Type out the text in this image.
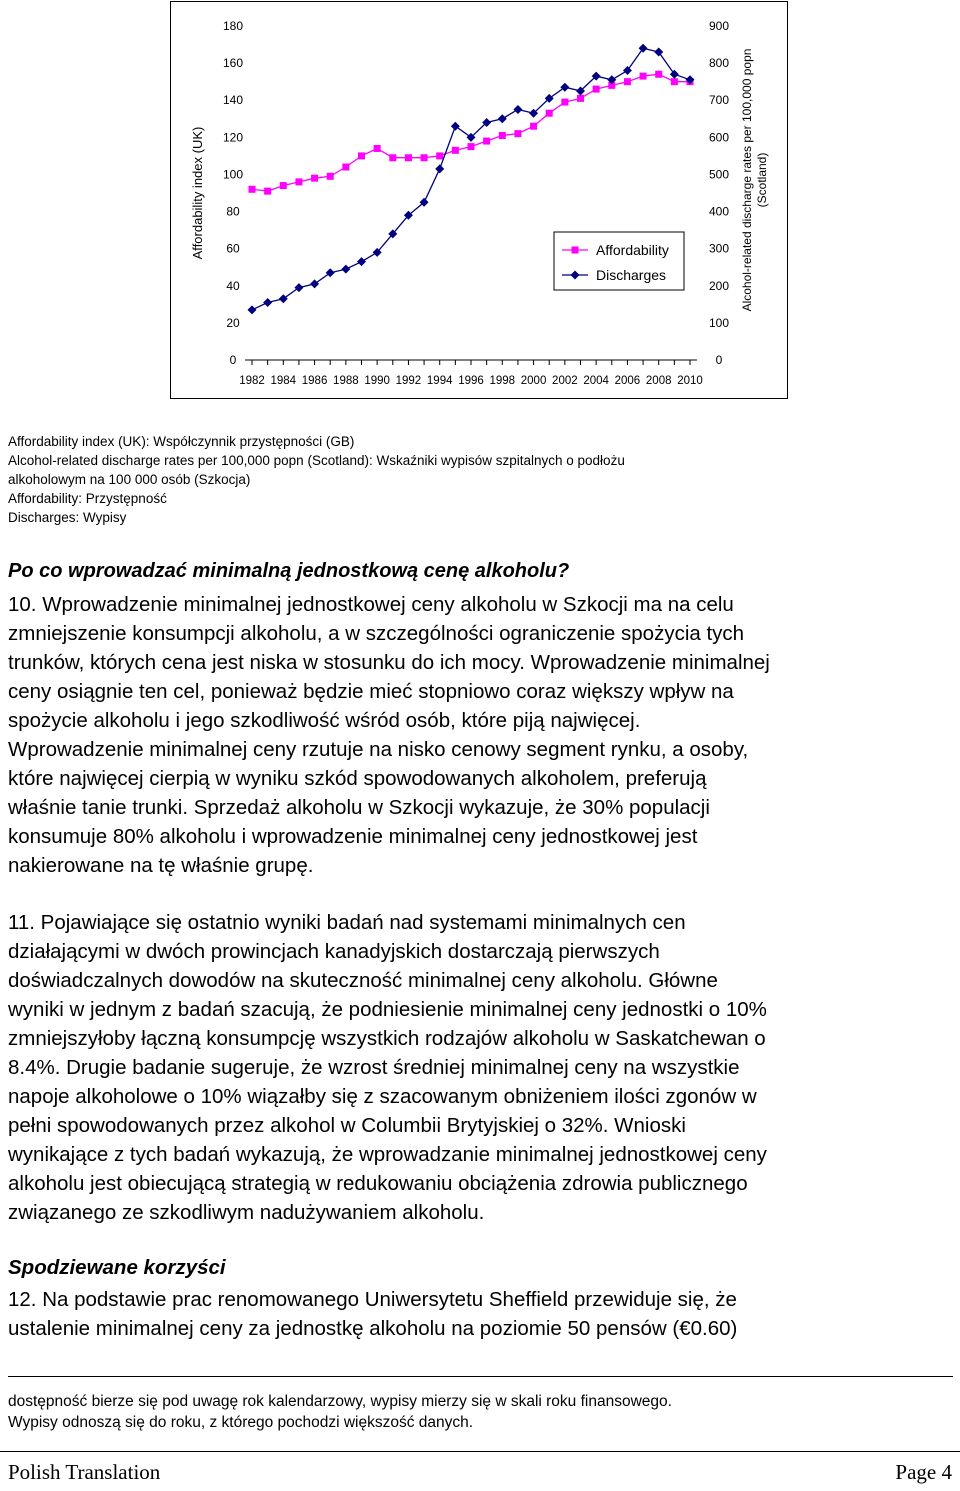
1982 1984 1986 1988 1990 1992 1994 1996 1998 2000 2002 2004 2006 2008 2010
0
20
40
60
80
100
120
140
160
180
0
100
200
300
400
500
600
700
800
900
Affordability index (UK)	Alcohol-related discharge rates per 100,000 popn (Scotland)
Affordability
Discharges
Affordability index (UK): Współczynnik przystępności (GB)
Alcohol-related discharge rates per 100,000 popn (Scotland): Wskaźniki wypisów szpitalnych o podłożu
alkoholowym na 100 000 osób (Szkocja)
Affordability: Przystępność
Discharges: Wypisy
Po co wprowadzać minimalną jednostkową cenę alkoholu?
10. Wprowadzenie minimalnej jednostkowej ceny alkoholu w Szkocji ma na celu
zmniejszenie konsumpcji alkoholu, a w szczególności ograniczenie spożycia tych
trunków, których cena jest niska w stosunku do ich mocy. Wprowadzenie minimalnej
ceny osiągnie ten cel, ponieważ będzie mieć stopniowo coraz większy wpływ na
spożycie alkoholu i jego szkodliwość wśród osób, które piją najwięcej.
Wprowadzenie minimalnej ceny rzutuje na nisko cenowy segment rynku, a osoby,
które najwięcej cierpią w wyniku szkód spowodowanych alkoholem, preferują
właśnie tanie trunki. Sprzedaż alkoholu w Szkocji wykazuje, że 30% populacji
konsumuje 80% alkoholu i wprowadzenie minimalnej ceny jednostkowej jest
nakierowane na tę właśnie grupę.
11. Pojawiające się ostatnio wyniki badań nad systemami minimalnych cen
działającymi w dwóch prowincjach kanadyjskich dostarczają pierwszych
doświadczalnych dowodów na skuteczność minimalnej ceny alkoholu. Główne
wyniki w jednym z badań szacują, że podniesienie minimalnej ceny jednostki o 10%
zmniejszyłoby łączną konsumpcję wszystkich rodzajów alkoholu w Saskatchewan o
8.4%. Drugie badanie sugeruje, że wzrost średniej minimalnej ceny na wszystkie
napoje alkoholowe o 10% wiązałby się z szacowanym obniżeniem ilości zgonów w
pełni spowodowanych przez alkohol w Columbii Brytyjskiej o 32%. Wnioski
wynikające z tych badań wykazują, że wprowadzanie minimalnej jednostkowej ceny
alkoholu jest obiecującą strategią w redukowaniu obciążenia zdrowia publicznego
związanego ze szkodliwym nadużywaniem alkoholu.
Spodziewane korzyści
12. Na podstawie prac renomowanego Uniwersytetu Sheffield przewiduje się, że
ustalenie minimalnej ceny za jednostkę alkoholu na poziomie 50 pensów (€0.60)
dostępność bierze się pod uwagę rok kalendarzowy, wypisy mierzy się w skali roku finansowego.
Wypisy odnoszą się do roku, z którego pochodzi większość danych.
Polish Translation	Page 4
